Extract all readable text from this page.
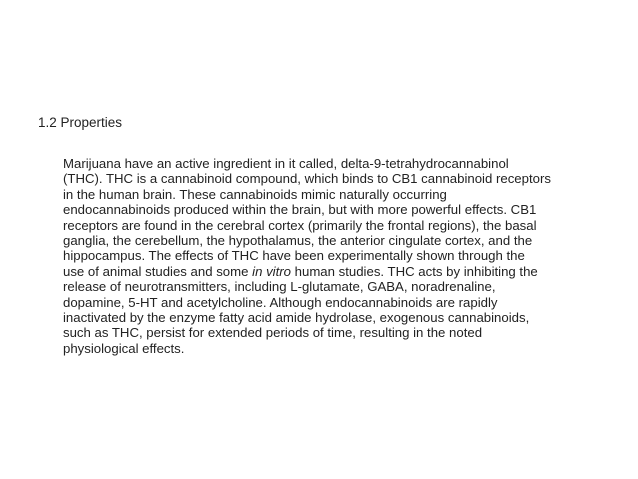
1.2 Properties
Marijuana have an active ingredient in it called, delta-9-tetrahydrocannabinol
(THC). THC is a cannabinoid compound, which binds to CB1 cannabinoid receptors
in the human brain. These cannabinoids mimic naturally occurring
endocannabinoids produced within the brain, but with more powerful effects. CB1
receptors are found in the cerebral cortex (primarily the frontal regions), the basal
ganglia, the cerebellum, the hypothalamus, the anterior cingulate cortex, and the
hippocampus. The effects of THC have been experimentally shown through the
use of animal studies and some in vitro human studies. THC acts by inhibiting the
release of neurotransmitters, including L-glutamate, GABA, noradrenaline,
dopamine, 5-HT and acetylcholine. Although endocannabinoids are rapidly
inactivated by the enzyme fatty acid amide hydrolase, exogenous cannabinoids,
such as THC, persist for extended periods of time, resulting in the noted
physiological effects.
